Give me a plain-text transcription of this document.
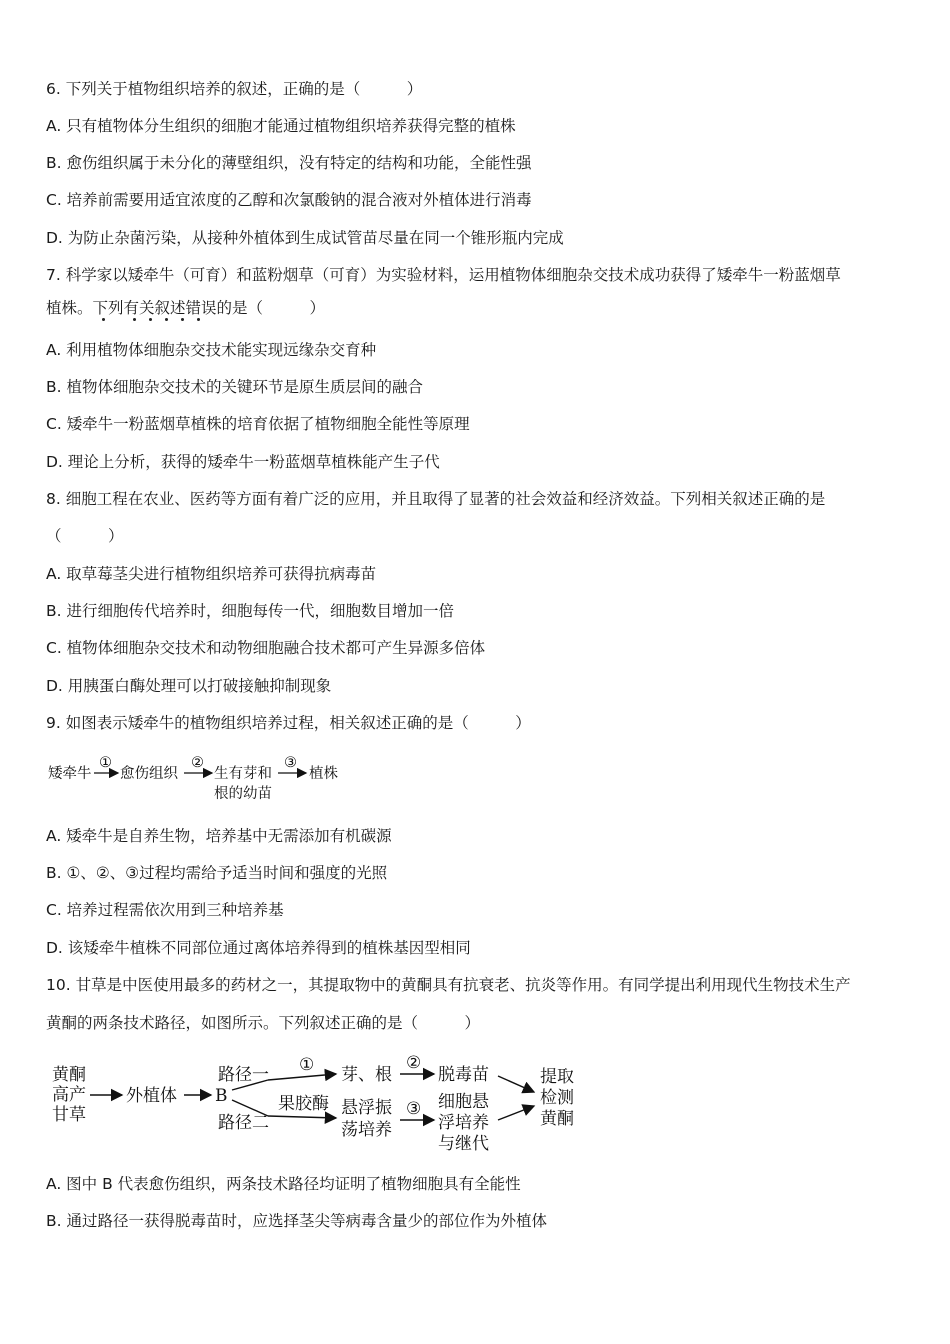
6. 下列关于植物组织培养的叙述，正确的是（　　　）
A. 只有植物体分生组织的细胞才能通过植物组织培养获得完整的植株
B. 愈伤组织属于未分化的薄壁组织，没有特定的结构和功能，全能性强
C. 培养前需要用适宜浓度的乙醇和次氯酸钠的混合液对外植体进行消毒
D. 为防止杂菌污染，从接种外植体到生成试管苗尽量在同一个锥形瓶内完成
7. 科学家以矮牵牛（可育）和蓝粉烟草（可育）为实验材料，运用植物体细胞杂交技术成功获得了矮牵牛一粉蓝烟草
植株。下列有关叙述错误的是（　　　）
A. 利用植物体细胞杂交技术能实现远缘杂交育种
B. 植物体细胞杂交技术的关键环节是原生质层间的融合
C. 矮牵牛一粉蓝烟草植株的培育依据了植物细胞全能性等原理
D. 理论上分析，获得的矮牵牛一粉蓝烟草植株能产生子代
8. 细胞工程在农业、医药等方面有着广泛的应用，并且取得了显著的社会效益和经济效益。下列相关叙述正确的是
（　　　）
A. 取草莓茎尖进行植物组织培养可获得抗病毒苗
B. 进行细胞传代培养时，细胞每传一代，细胞数目增加一倍
C. 植物体细胞杂交技术和动物细胞融合技术都可产生异源多倍体
D. 用胰蛋白酶处理可以打破接触抑制现象
9. 如图表示矮牵牛的植物组织培养过程，相关叙述正确的是（　　　）
矮牵牛
①
愈伤组织
②
生有芽和
根的幼苗
③
植株
A. 矮牵牛是自养生物，培养基中无需添加有机碳源
B. ①、②、③过程均需给予适当时间和强度的光照
C. 培养过程需依次用到三种培养基
D. 该矮牵牛植株不同部位通过离体培养得到的植株基因型相同
10. 甘草是中医使用最多的药材之一，其提取物中的黄酮具有抗衰老、抗炎等作用。有同学提出利用现代生物技术生产
黄酮的两条技术路径，如图所示。下列叙述正确的是（　　　）
黄酮
高产
甘草
外植体 B
路径一
路径二
①
果胶酶
芽、根
②
脱毒苗
悬浮振
荡培养
③ 细胞悬
浮培养
与继代
提取
检测
黄酮
A. 图中 B 代表愈伤组织，两条技术路径均证明了植物细胞具有全能性
B. 通过路径一获得脱毒苗时，应选择茎尖等病毒含量少的部位作为外植体
